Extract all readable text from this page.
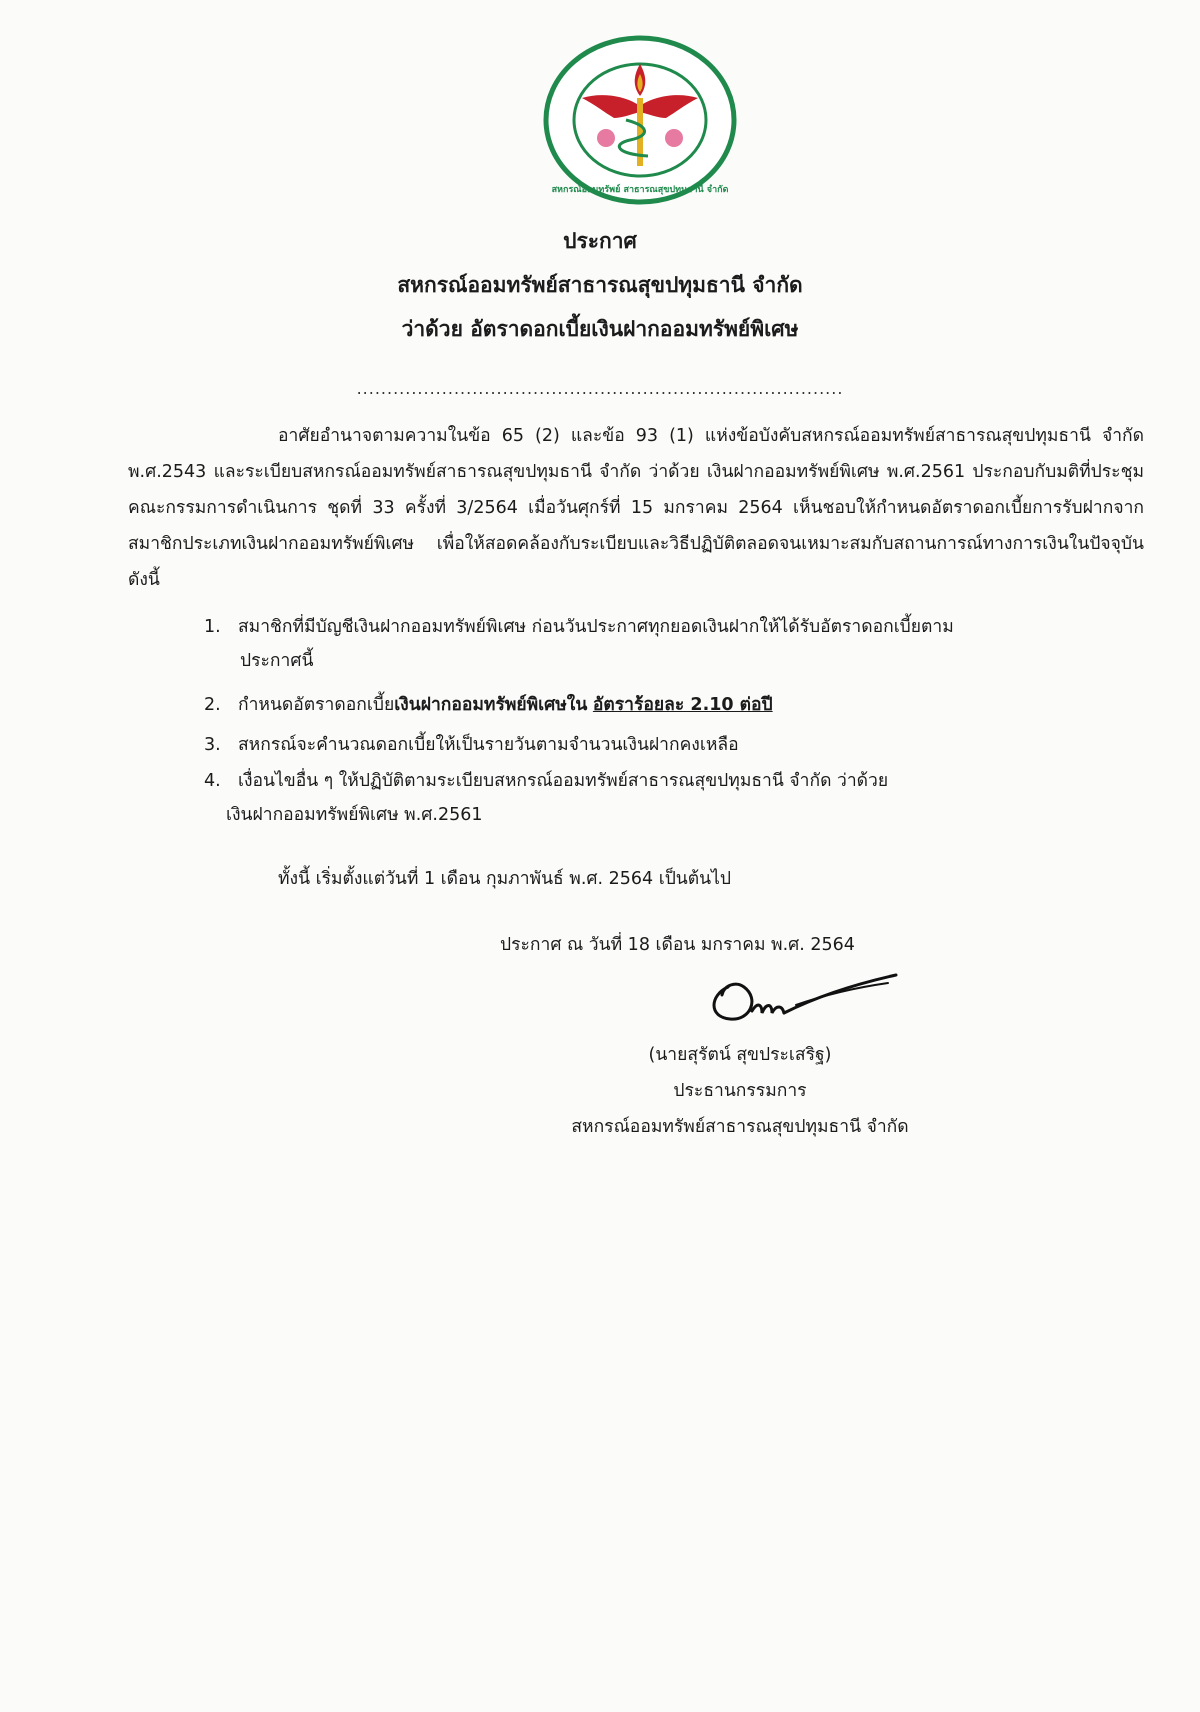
สหกรณ์ออมทรัพย์ สาธารณสุขปทุมธานี จำกัด
ประกาศ
สหกรณ์ออมทรัพย์สาธารณสุขปทุมธานี จำกัด
ว่าด้วย อัตราดอกเบี้ยเงินฝากออมทรัพย์พิเศษ
................................................................................

อาศัยอำนาจตามความในข้อ 65 (2) และข้อ 93 (1) แห่งข้อบังคับสหกรณ์ออมทรัพย์สาธารณสุขปทุมธานี จำกัด พ.ศ.2543 และระเบียบสหกรณ์ออมทรัพย์สาธารณสุขปทุมธานี จำกัด ว่าด้วย เงินฝากออมทรัพย์พิเศษ พ.ศ.2561 ประกอบกับมติที่ประชุมคณะกรรมการดำเนินการ ชุดที่ 33 ครั้งที่ 3/2564 เมื่อวันศุกร์ที่ 15 มกราคม 2564 เห็นชอบให้กำหนดอัตราดอกเบี้ยการรับฝากจากสมาชิกประเภทเงินฝากออมทรัพย์พิเศษ เพื่อให้สอดคล้องกับระเบียบและวิธีปฏิบัติตลอดจนเหมาะสมกับสถานการณ์ทางการเงินในปัจจุบัน ดังนี้

1. สมาชิกที่มีบัญชีเงินฝากออมทรัพย์พิเศษ ก่อนวันประกาศทุกยอดเงินฝากให้ได้รับอัตราดอกเบี้ยตาม

ประกาศนี้

2. กำหนดอัตราดอกเบี้ยเงินฝากออมทรัพย์พิเศษใน อัตราร้อยละ 2.10 ต่อปี

3. สหกรณ์จะคำนวณดอกเบี้ยให้เป็นรายวันตามจำนวนเงินฝากคงเหลือ

4. เงื่อนไขอื่น ๆ ให้ปฏิบัติตามระเบียบสหกรณ์ออมทรัพย์สาธารณสุขปทุมธานี จำกัด ว่าด้วย

เงินฝากออมทรัพย์พิเศษ พ.ศ.2561

ทั้งนี้ เริ่มตั้งแต่วันที่ 1 เดือน กุมภาพันธ์ พ.ศ. 2564 เป็นต้นไป

ประกาศ ณ วันที่ 18 เดือน มกราคม พ.ศ. 2564

(นายสุรัตน์ สุขประเสริฐ)

ประธานกรรมการ

สหกรณ์ออมทรัพย์สาธารณสุขปทุมธานี จำกัด
